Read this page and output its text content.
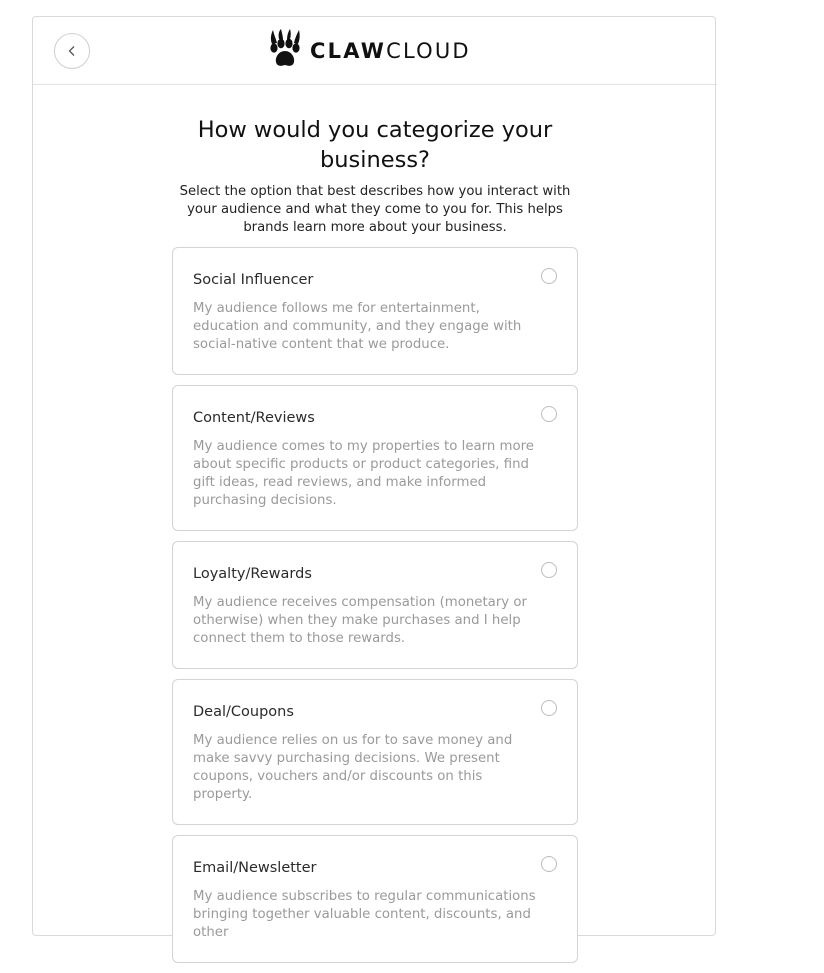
CLAWCLOUD
How would you categorize your business?

Select the option that best describes how you interact with your audience and what they come to you for. This helps brands learn more about your business.

Social Influencer
My audience follows me for entertainment, education and community, and they engage with social-native content that we produce.
Content/Reviews
My audience comes to my properties to learn more about specific products or product categories, find gift ideas, read reviews, and make informed purchasing decisions.
Loyalty/Rewards
My audience receives compensation (monetary or otherwise) when they make purchases and I help connect them to those rewards.
Deal/Coupons
My audience relies on us for to save money and make savvy purchasing decisions. We present coupons, vouchers and/or discounts on this property.
Email/Newsletter
My audience subscribes to regular communications bringing together valuable content, discounts, and other
